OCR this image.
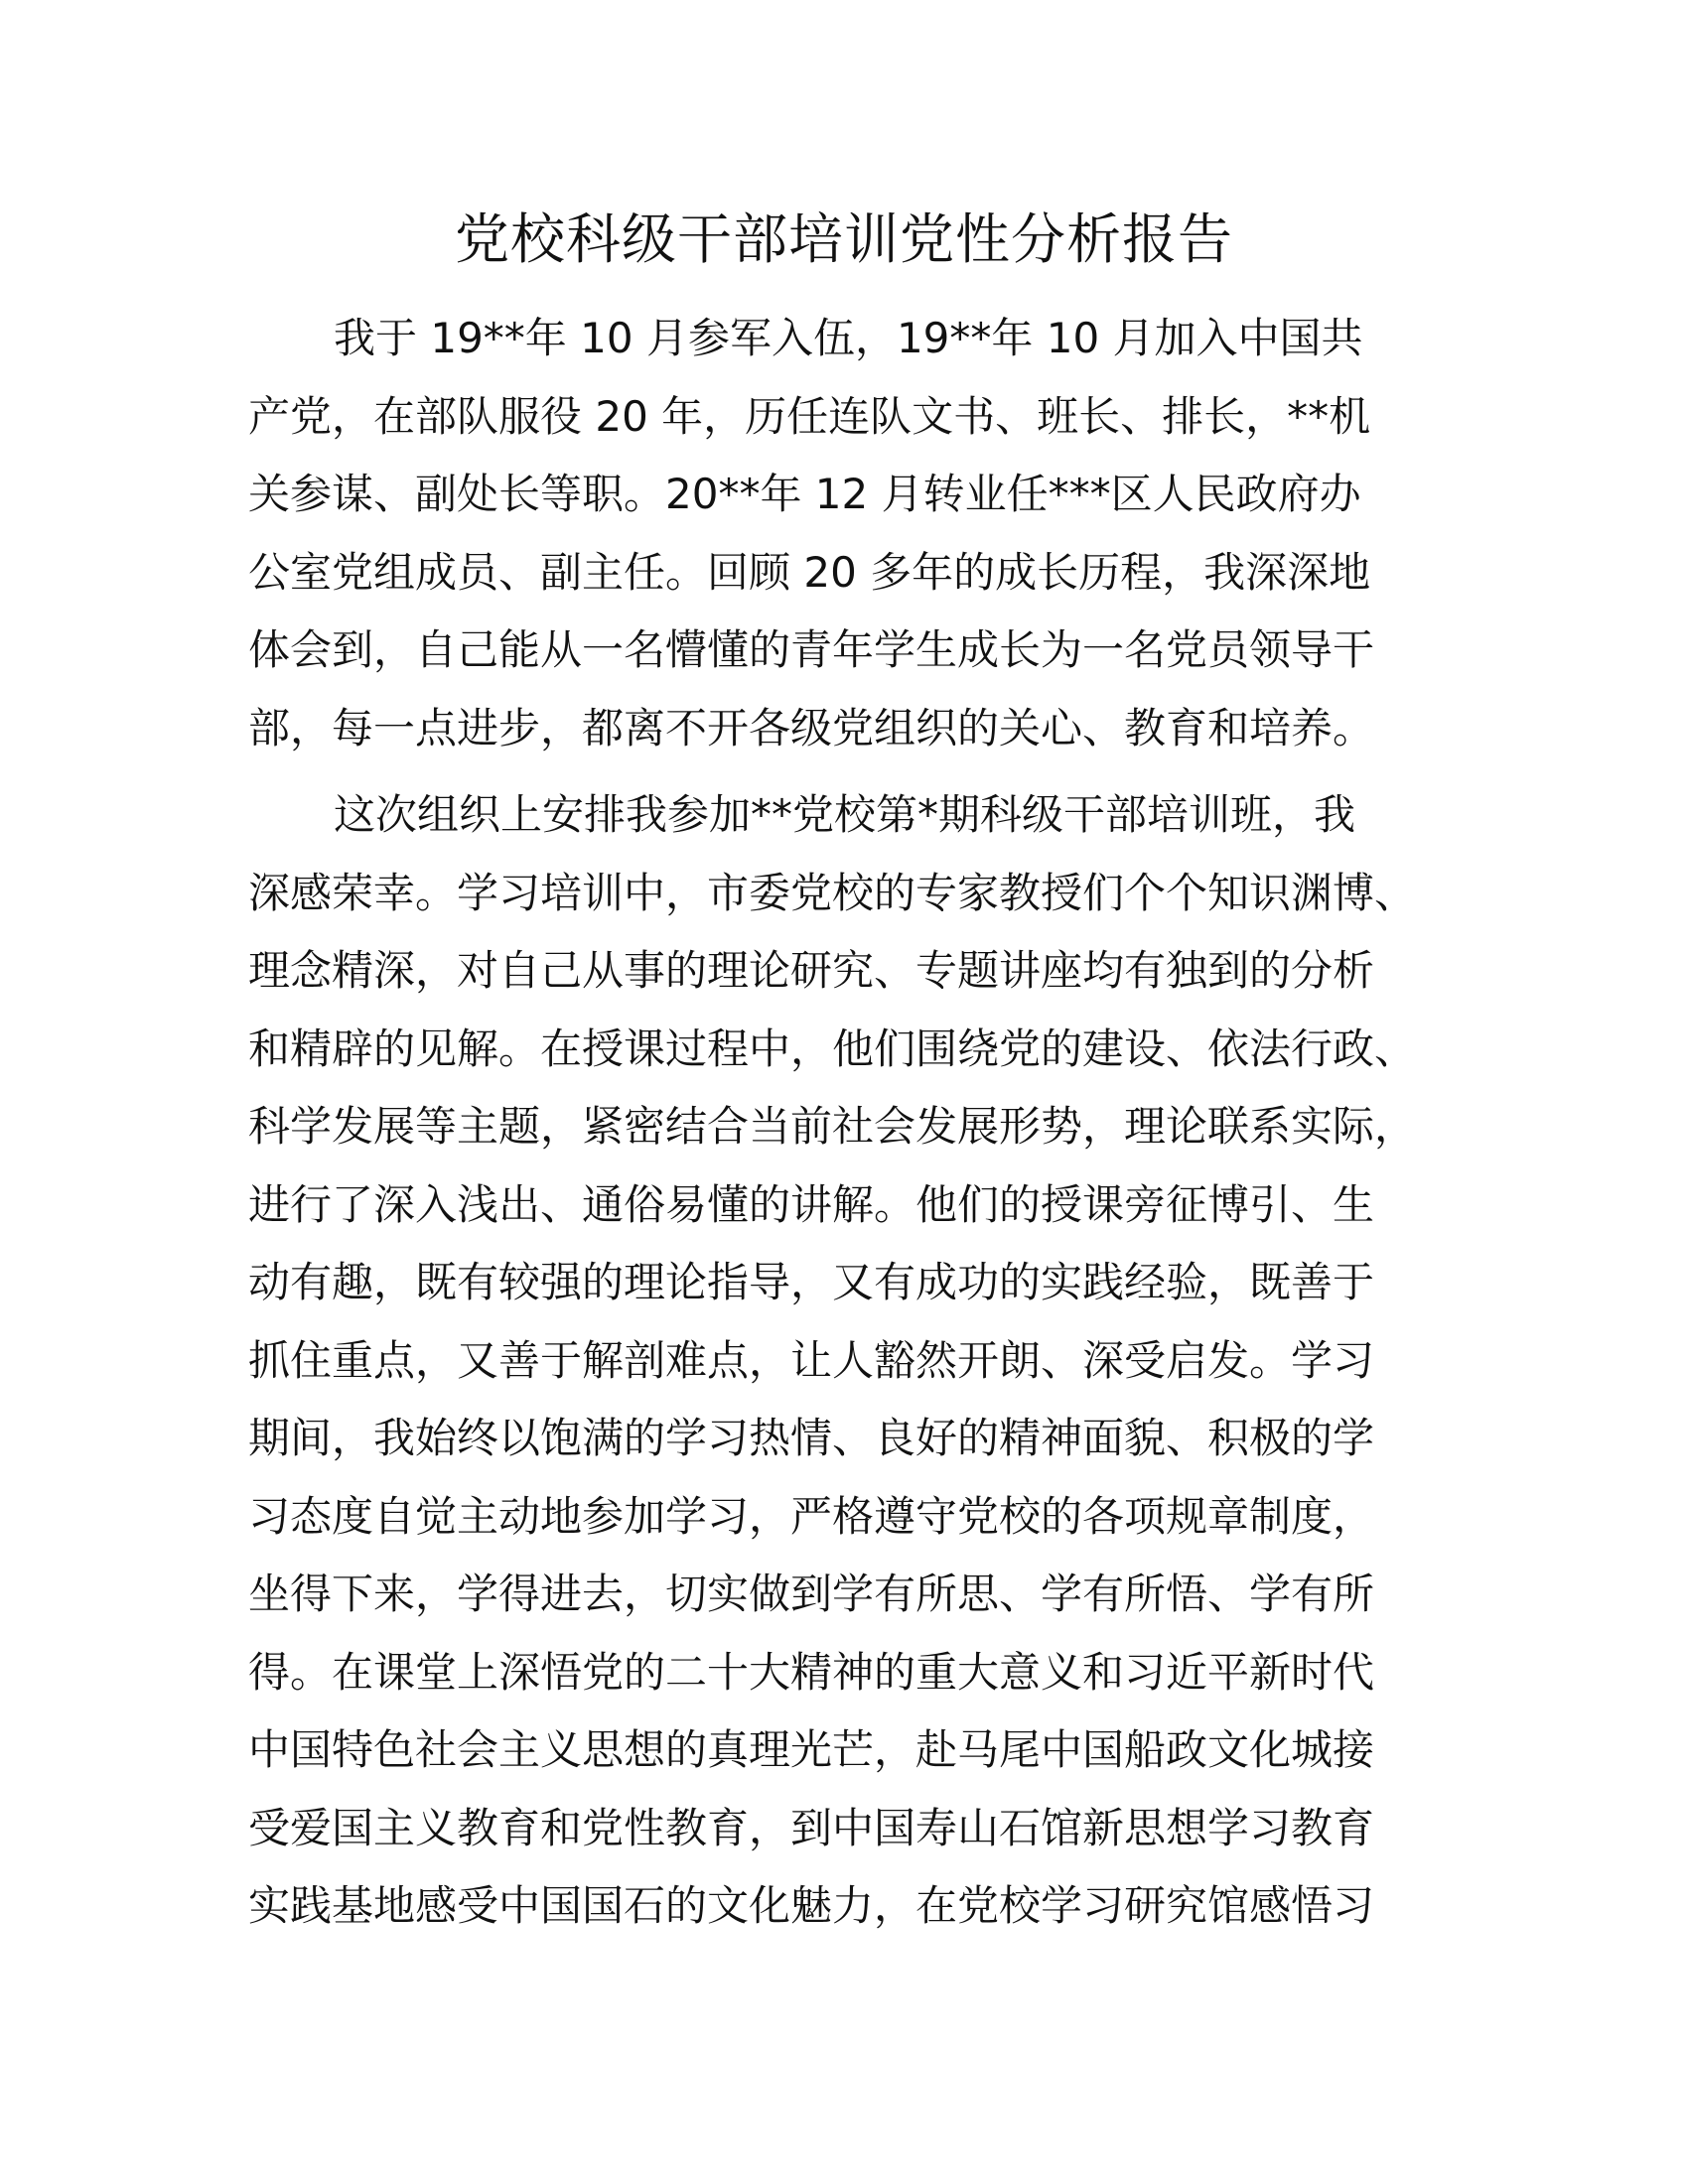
党校科级干部培训党性分析报告
我于 19**年 10 月参军入伍，19**年 10 月加入中国共
产党，在部队服役 20 年，历任连队文书、班长、排长，**机
关参谋、副处长等职。20**年 12 月转业任***区人民政府办
公室党组成员、副主任。回顾 20 多年的成长历程，我深深地
体会到，自己能从一名懵懂的青年学生成长为一名党员领导干
部，每一点进步，都离不开各级党组织的关心、教育和培养。
这次组织上安排我参加**党校第*期科级干部培训班，我
深感荣幸。学习培训中，市委党校的专家教授们个个知识渊博、
理念精深，对自己从事的理论研究、专题讲座均有独到的分析
和精辟的见解。在授课过程中，他们围绕党的建设、依法行政、
科学发展等主题，紧密结合当前社会发展形势，理论联系实际，
进行了深入浅出、通俗易懂的讲解。他们的授课旁征博引、生
动有趣，既有较强的理论指导，又有成功的实践经验，既善于
抓住重点，又善于解剖难点，让人豁然开朗、深受启发。学习
期间，我始终以饱满的学习热情、良好的精神面貌、积极的学
习态度自觉主动地参加学习，严格遵守党校的各项规章制度，
坐得下来，学得进去，切实做到学有所思、学有所悟、学有所
得。在课堂上深悟党的二十大精神的重大意义和习近平新时代
中国特色社会主义思想的真理光芒，赴马尾中国船政文化城接
受爱国主义教育和党性教育，到中国寿山石馆新思想学习教育
实践基地感受中国国石的文化魅力，在党校学习研究馆感悟习
